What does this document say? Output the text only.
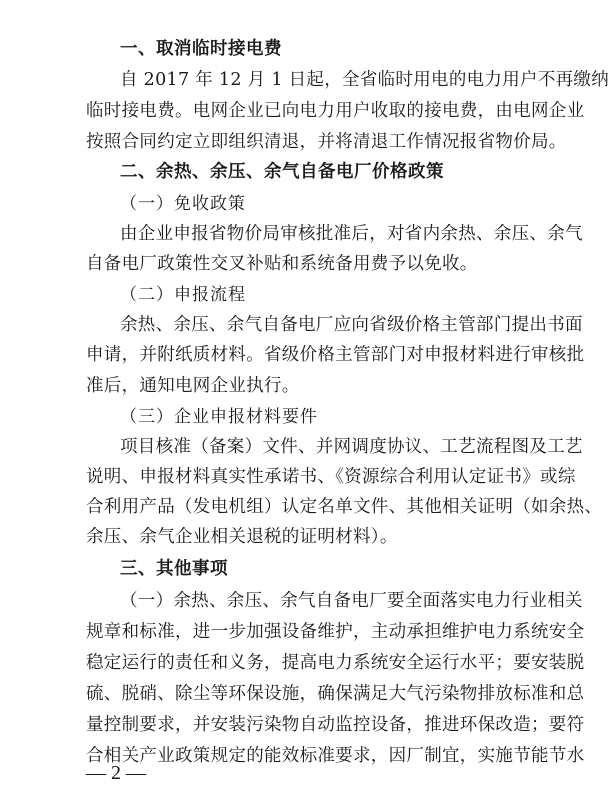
一、取消临时接电费

自 2017 年 12 月 1 日起，全省临时用电的电力用户不再缴纳

临时接电费。电网企业已向电力用户收取的接电费，由电网企业

按照合同约定立即组织清退，并将清退工作情况报省物价局。

二、余热、余压、余气自备电厂价格政策

（一）免收政策

由企业申报省物价局审核批准后，对省内余热、余压、余气

自备电厂政策性交叉补贴和系统备用费予以免收。

（二）申报流程

余热、余压、余气自备电厂应向省级价格主管部门提出书面

申请，并附纸质材料。省级价格主管部门对申报材料进行审核批

准后，通知电网企业执行。

（三）企业申报材料要件

项目核准（备案）文件、并网调度协议、工艺流程图及工艺

说明、申报材料真实性承诺书、《资源综合利用认定证书》或综

合利用产品（发电机组）认定名单文件、其他相关证明（如余热、

余压、余气企业相关退税的证明材料）。

三、其他事项

（一）余热、余压、余气自备电厂要全面落实电力行业相关

规章和标准，进一步加强设备维护，主动承担维护电力系统安全

稳定运行的责任和义务，提高电力系统安全运行水平；要安装脱

硫、脱硝、除尘等环保设施，确保满足大气污染物排放标准和总

量控制要求，并安装污染物自动监控设备，推进环保改造；要符

合相关产业政策规定的能效标准要求，因厂制宜，实施节能节水

— 2 —
